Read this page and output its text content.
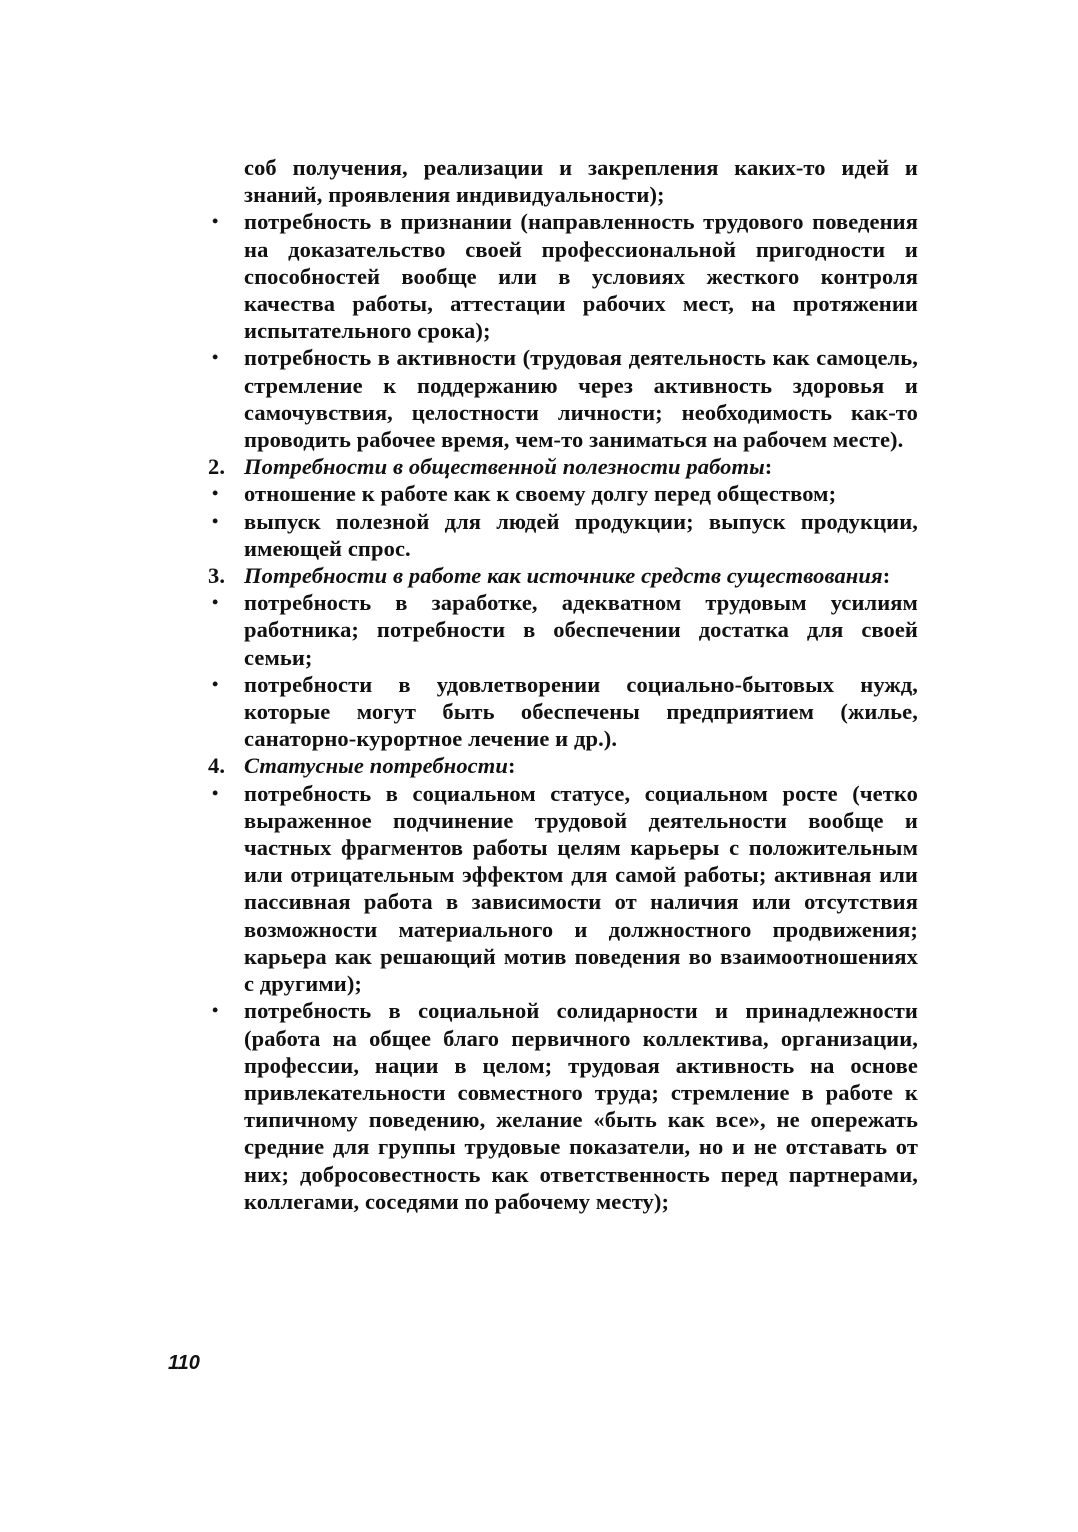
соб получения, реализации и закрепления каких-то идей и знаний, проявления индивидуальности);

•	потребность в признании (направленность трудового поведения на доказательство своей профессиональной пригодности и способностей вообще или в условиях жесткого контроля качества работы, аттестации рабочих мест, на протяжении испытательного срока);

•	потребность в активности (трудовая деятельность как самоцель, стремление к поддержанию через активность здоровья и самочувствия, целостности личности; необходимость как-то проводить рабочее время, чем-то заниматься на рабочем месте).

2. Потребности в общественной полезности работы:

•	отношение к работе как к своему долгу перед обществом;

•	выпуск полезной для людей продукции; выпуск продукции, имеющей спрос.

3. Потребности в работе как источнике средств существования:

•	потребность в заработке, адекватном трудовым усилиям работника; потребности в обеспечении достатка для своей семьи;

•	потребности в удовлетворении социально-бытовых нужд, которые могут быть обеспечены предприятием (жилье, санаторно-курортное лечение и др.).

4. Статусные потребности:

•	потребность в социальном статусе, социальном росте (четко выраженное подчинение трудовой деятельности вообще и частных фрагментов работы целям карьеры с положительным или отрицательным эффектом для самой работы; активная или пассивная работа в зависимости от наличия или отсутствия возможности материального и должностного продвижения; карьера как решающий мотив поведения во взаимоотношениях с другими);

•	потребность в социальной солидарности и принадлежности (работа на общее благо первичного коллектива, организации, профессии, нации в целом; трудовая активность на основе привлекательности совместного труда; стремление в работе к типичному поведению, желание «быть как все», не опережать средние для группы трудовые показатели, но и не отставать от них; добросовестность как ответственность перед партнерами, коллегами, соседями по рабочему месту);

110
